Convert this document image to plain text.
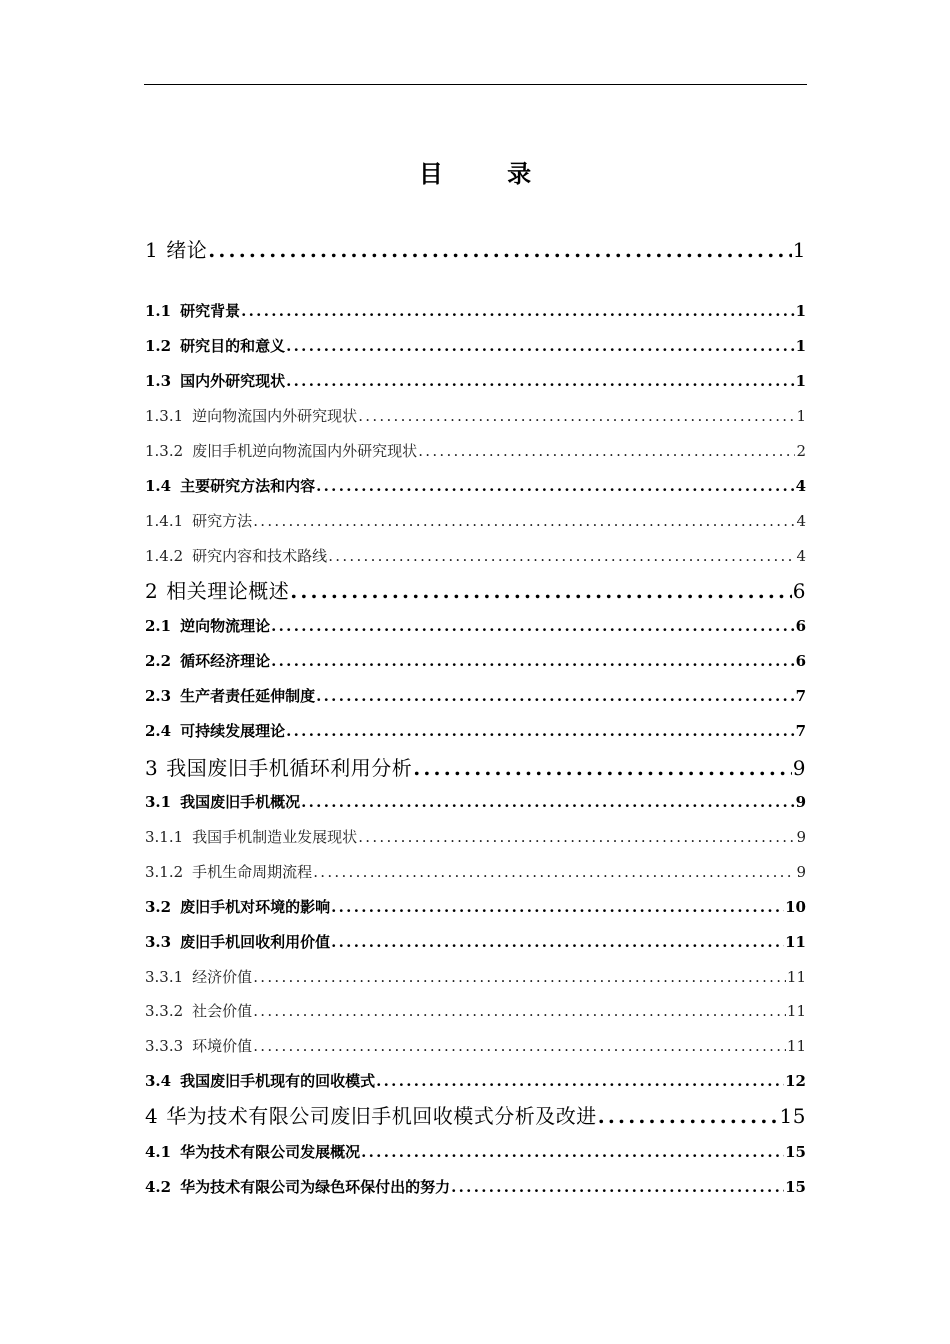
目 录
1 绪论 .....	1
1.1 研究背景 .....	1
1.2 研究目的和意义 .....	1
1.3 国内外研究现状 .....	1
1.3.1 逆向物流国内外研究现状 .....	1
1.3.2 废旧手机逆向物流国内外研究现状 .....	2
1.4 主要研究方法和内容 .....	4
1.4.1 研究方法 .....	4
1.4.2 研究内容和技术路线 .....	4
2 相关理论概述 .....	6
2.1 逆向物流理论 .....	6
2.2 循环经济理论 .....	6
2.3 生产者责任延伸制度 .....	7
2.4 可持续发展理论 .....	7
3 我国废旧手机循环利用分析 .....	9
3.1 我国废旧手机概况 .....	9
3.1.1 我国手机制造业发展现状 .....	9
3.1.2 手机生命周期流程 .....	9
3.2 废旧手机对环境的影响 .....	10
3.3 废旧手机回收利用价值 .....	11
3.3.1 经济价值 .....	11
3.3.2 社会价值 .....	11
3.3.3 环境价值 .....	11
3.4 我国废旧手机现有的回收模式 .....	12
4 华为技术有限公司废旧手机回收模式分析及改进 .....	15
4.1 华为技术有限公司发展概况 .....	15
4.2 华为技术有限公司为绿色环保付出的努力 .....	15
